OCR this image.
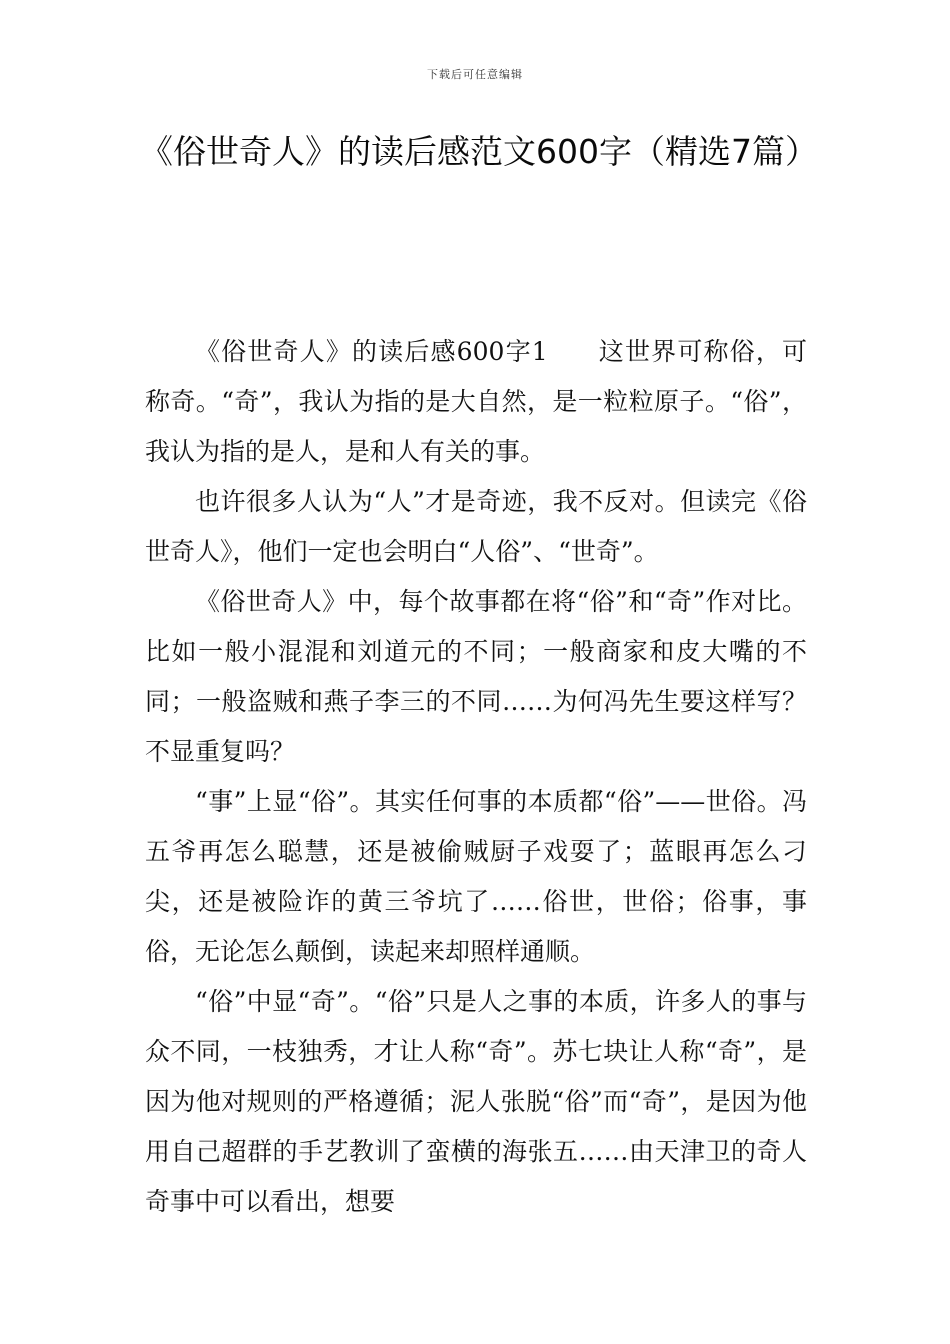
下载后可任意编辑
《俗世奇人》的读后感范文600字（精选7篇）

《俗世奇人》的读后感600字1 这世界可称俗，可称奇。“奇”，我认为指的是大自然，是一粒粒原子。“俗”，我认为指的是人，是和人有关的事。

也许很多人认为“人”才是奇迹，我不反对。但读完《俗世奇人》，他们一定也会明白“人俗”、“世奇”。

《俗世奇人》中，每个故事都在将“俗”和“奇”作对比。比如一般小混混和刘道元的不同；一般商家和皮大嘴的不同；一般盗贼和燕子李三的不同……为何冯先生要这样写？不显重复吗？

“事”上显“俗”。其实任何事的本质都“俗”——世俗。冯五爷再怎么聪慧，还是被偷贼厨子戏耍了；蓝眼再怎么刁尖，还是被险诈的黄三爷坑了……俗世，世俗；俗事，事俗，无论怎么颠倒，读起来却照样通顺。

“俗”中显“奇”。“俗”只是人之事的本质，许多人的事与众不同，一枝独秀，才让人称“奇”。苏七块让人称“奇”，是因为他对规则的严格遵循；泥人张脱“俗”而“奇”，是因为他用自己超群的手艺教训了蛮横的海张五……由天津卫的奇人奇事中可以看出，想要
